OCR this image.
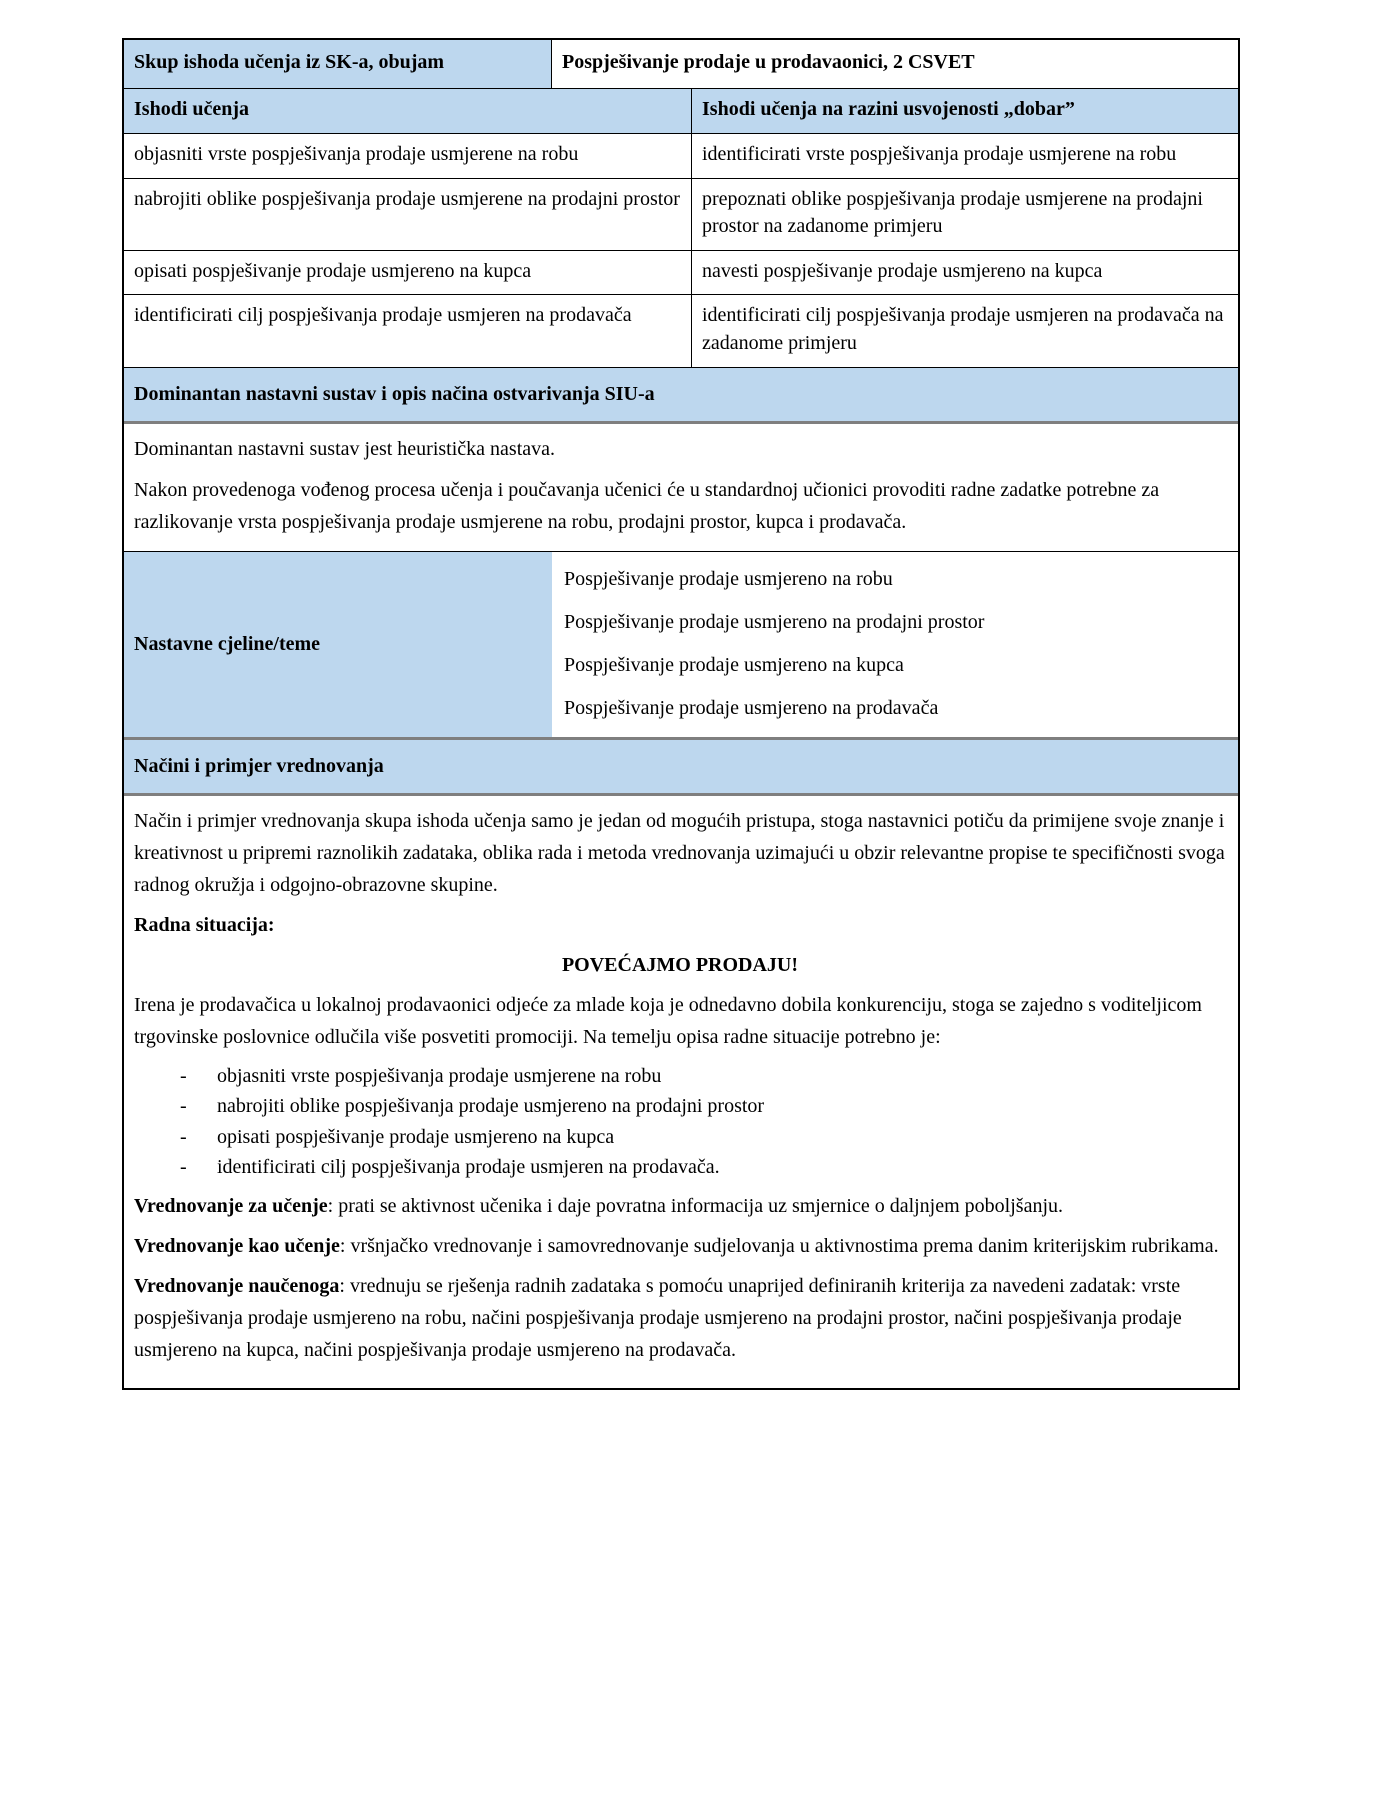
Skup ishoda učenja iz SK-a, obujam	Pospješivanje prodaje u prodavaonici, 2 CSVET
Ishodi učenja	Ishodi učenja na razini usvojenosti „dobar”
objasniti vrste pospješivanja prodaje usmjerene na robu	identificirati vrste pospješivanja prodaje usmjerene na robu
nabrojiti oblike pospješivanja prodaje usmjerene na prodajni prostor	prepoznati oblike pospješivanja prodaje usmjerene na prodajni prostor na zadanome primjeru
opisati pospješivanje prodaje usmjereno na kupca	navesti pospješivanje prodaje usmjereno na kupca
identificirati cilj pospješivanja prodaje usmjeren na prodavača	identificirati cilj pospješivanja prodaje usmjeren na prodavača na zadanome primjeru
Dominantan nastavni sustav i opis načina ostvarivanja SIU-a

Dominantan nastavni sustav jest heuristička nastava.

Nakon provedenoga vođenog procesa učenja i poučavanja učenici će u standardnoj učionici provoditi radne zadatke potrebne za razlikovanje vrsta pospješivanja prodaje usmjerene na robu, prodajni prostor, kupca i prodavača.

Nastavne cjeline/teme
Pospješivanje prodaje usmjereno na robu
Pospješivanje prodaje usmjereno na prodajni prostor
Pospješivanje prodaje usmjereno na kupca
Pospješivanje prodaje usmjereno na prodavača
Načini i primjer vrednovanja

Način i primjer vrednovanja skupa ishoda učenja samo je jedan od mogućih pristupa, stoga nastavnici potiču da primijene svoje znanje i kreativnost u pripremi raznolikih zadataka, oblika rada i metoda vrednovanja uzimajući u obzir relevantne propise te specifičnosti svoga radnog okružja i odgojno-obrazovne skupine.

Radna situacija:

POVEĆAJMO PRODAJU!

Irena je prodavačica u lokalnoj prodavaonici odjeće za mlade koja je odnedavno dobila konkurenciju, stoga se zajedno s voditeljicom trgovinske poslovnice odlučila više posvetiti promociji. Na temelju opisa radne situacije potrebno je:

- objasniti vrste pospješivanja prodaje usmjerene na robu
- nabrojiti oblike pospješivanja prodaje usmjereno na prodajni prostor
- opisati pospješivanje prodaje usmjereno na kupca
- identificirati cilj pospješivanja prodaje usmjeren na prodavača.

Vrednovanje za učenje: prati se aktivnost učenika i daje povratna informacija uz smjernice o daljnjem poboljšanju.

Vrednovanje kao učenje: vršnjačko vrednovanje i samovrednovanje sudjelovanja u aktivnostima prema danim kriterijskim rubrikama.

Vrednovanje naučenoga: vrednuju se rješenja radnih zadataka s pomoću unaprijed definiranih kriterija za navedeni zadatak: vrste pospješivanja prodaje usmjereno na robu, načini pospješivanja prodaje usmjereno na prodajni prostor, načini pospješivanja prodaje usmjereno na kupca, načini pospješivanja prodaje usmjereno na prodavača.
